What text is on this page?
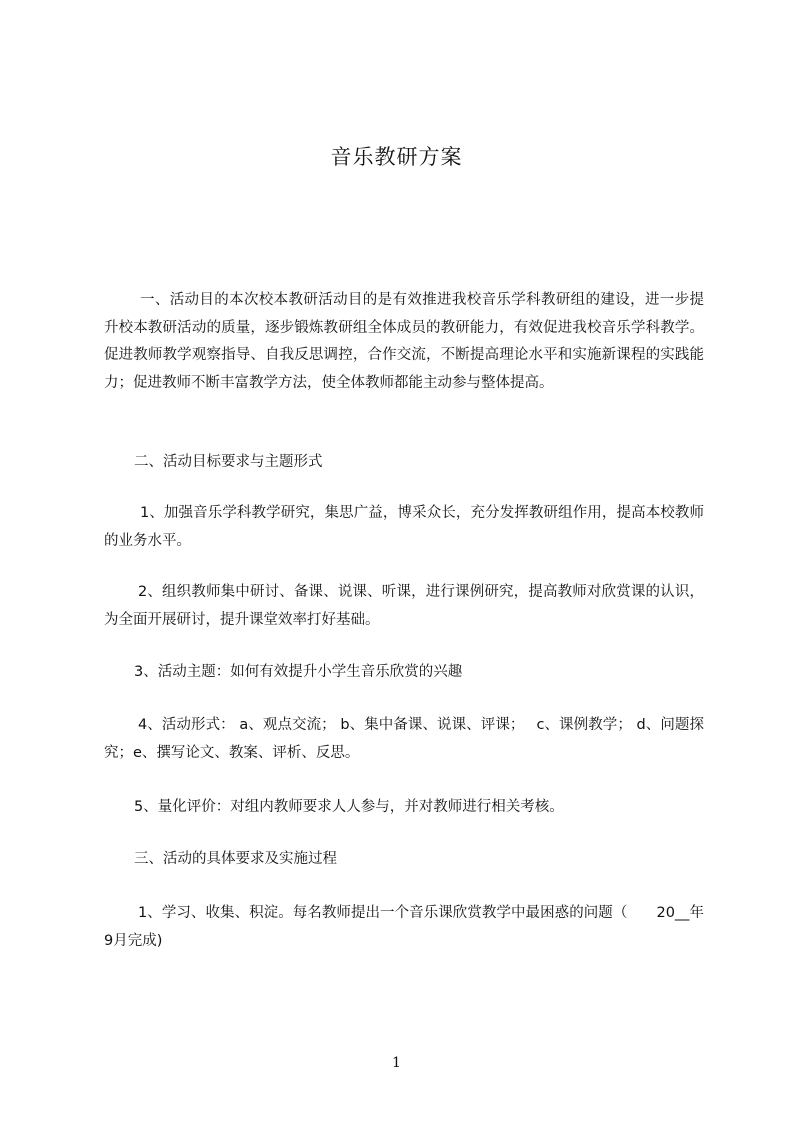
音乐教研方案
一、活动目的本次校本教研活动目的是有效推进我校音乐学科教研组的建设，进一步提升校本教研活动的质量，逐步锻炼教研组全体成员的教研能力，有效促进我校音乐学科教学。促进教师教学观察指导、自我反思调控，合作交流，不断提高理论水平和实施新课程的实践能力；促进教师不断丰富教学方法，使全体教师都能主动参与整体提高。
二、活动目标要求与主题形式
1、加强音乐学科教学研究，集思广益，博采众长，充分发挥教研组作用，提高本校教师的业务水平。
2、组织教师集中研讨、备课、说课、听课，进行课例研究，提高教师对欣赏课的认识，为全面开展研讨，提升课堂效率打好基础。
3、活动主题：如何有效提升小学生音乐欣赏的兴趣
4、活动形式： a、观点交流； b、集中备课、说课、评课；　 c、课例教学； d、问题探究；e、撰写论文、教案、评析、反思。
5、量化评价：对组内教师要求人人参与，并对教师进行相关考核。
三、活动的具体要求及实施过程
1、学习、收集、积淀。每名教师提出一个音乐课欣赏教学中最困惑的问题（　　20__年9月完成)
1
